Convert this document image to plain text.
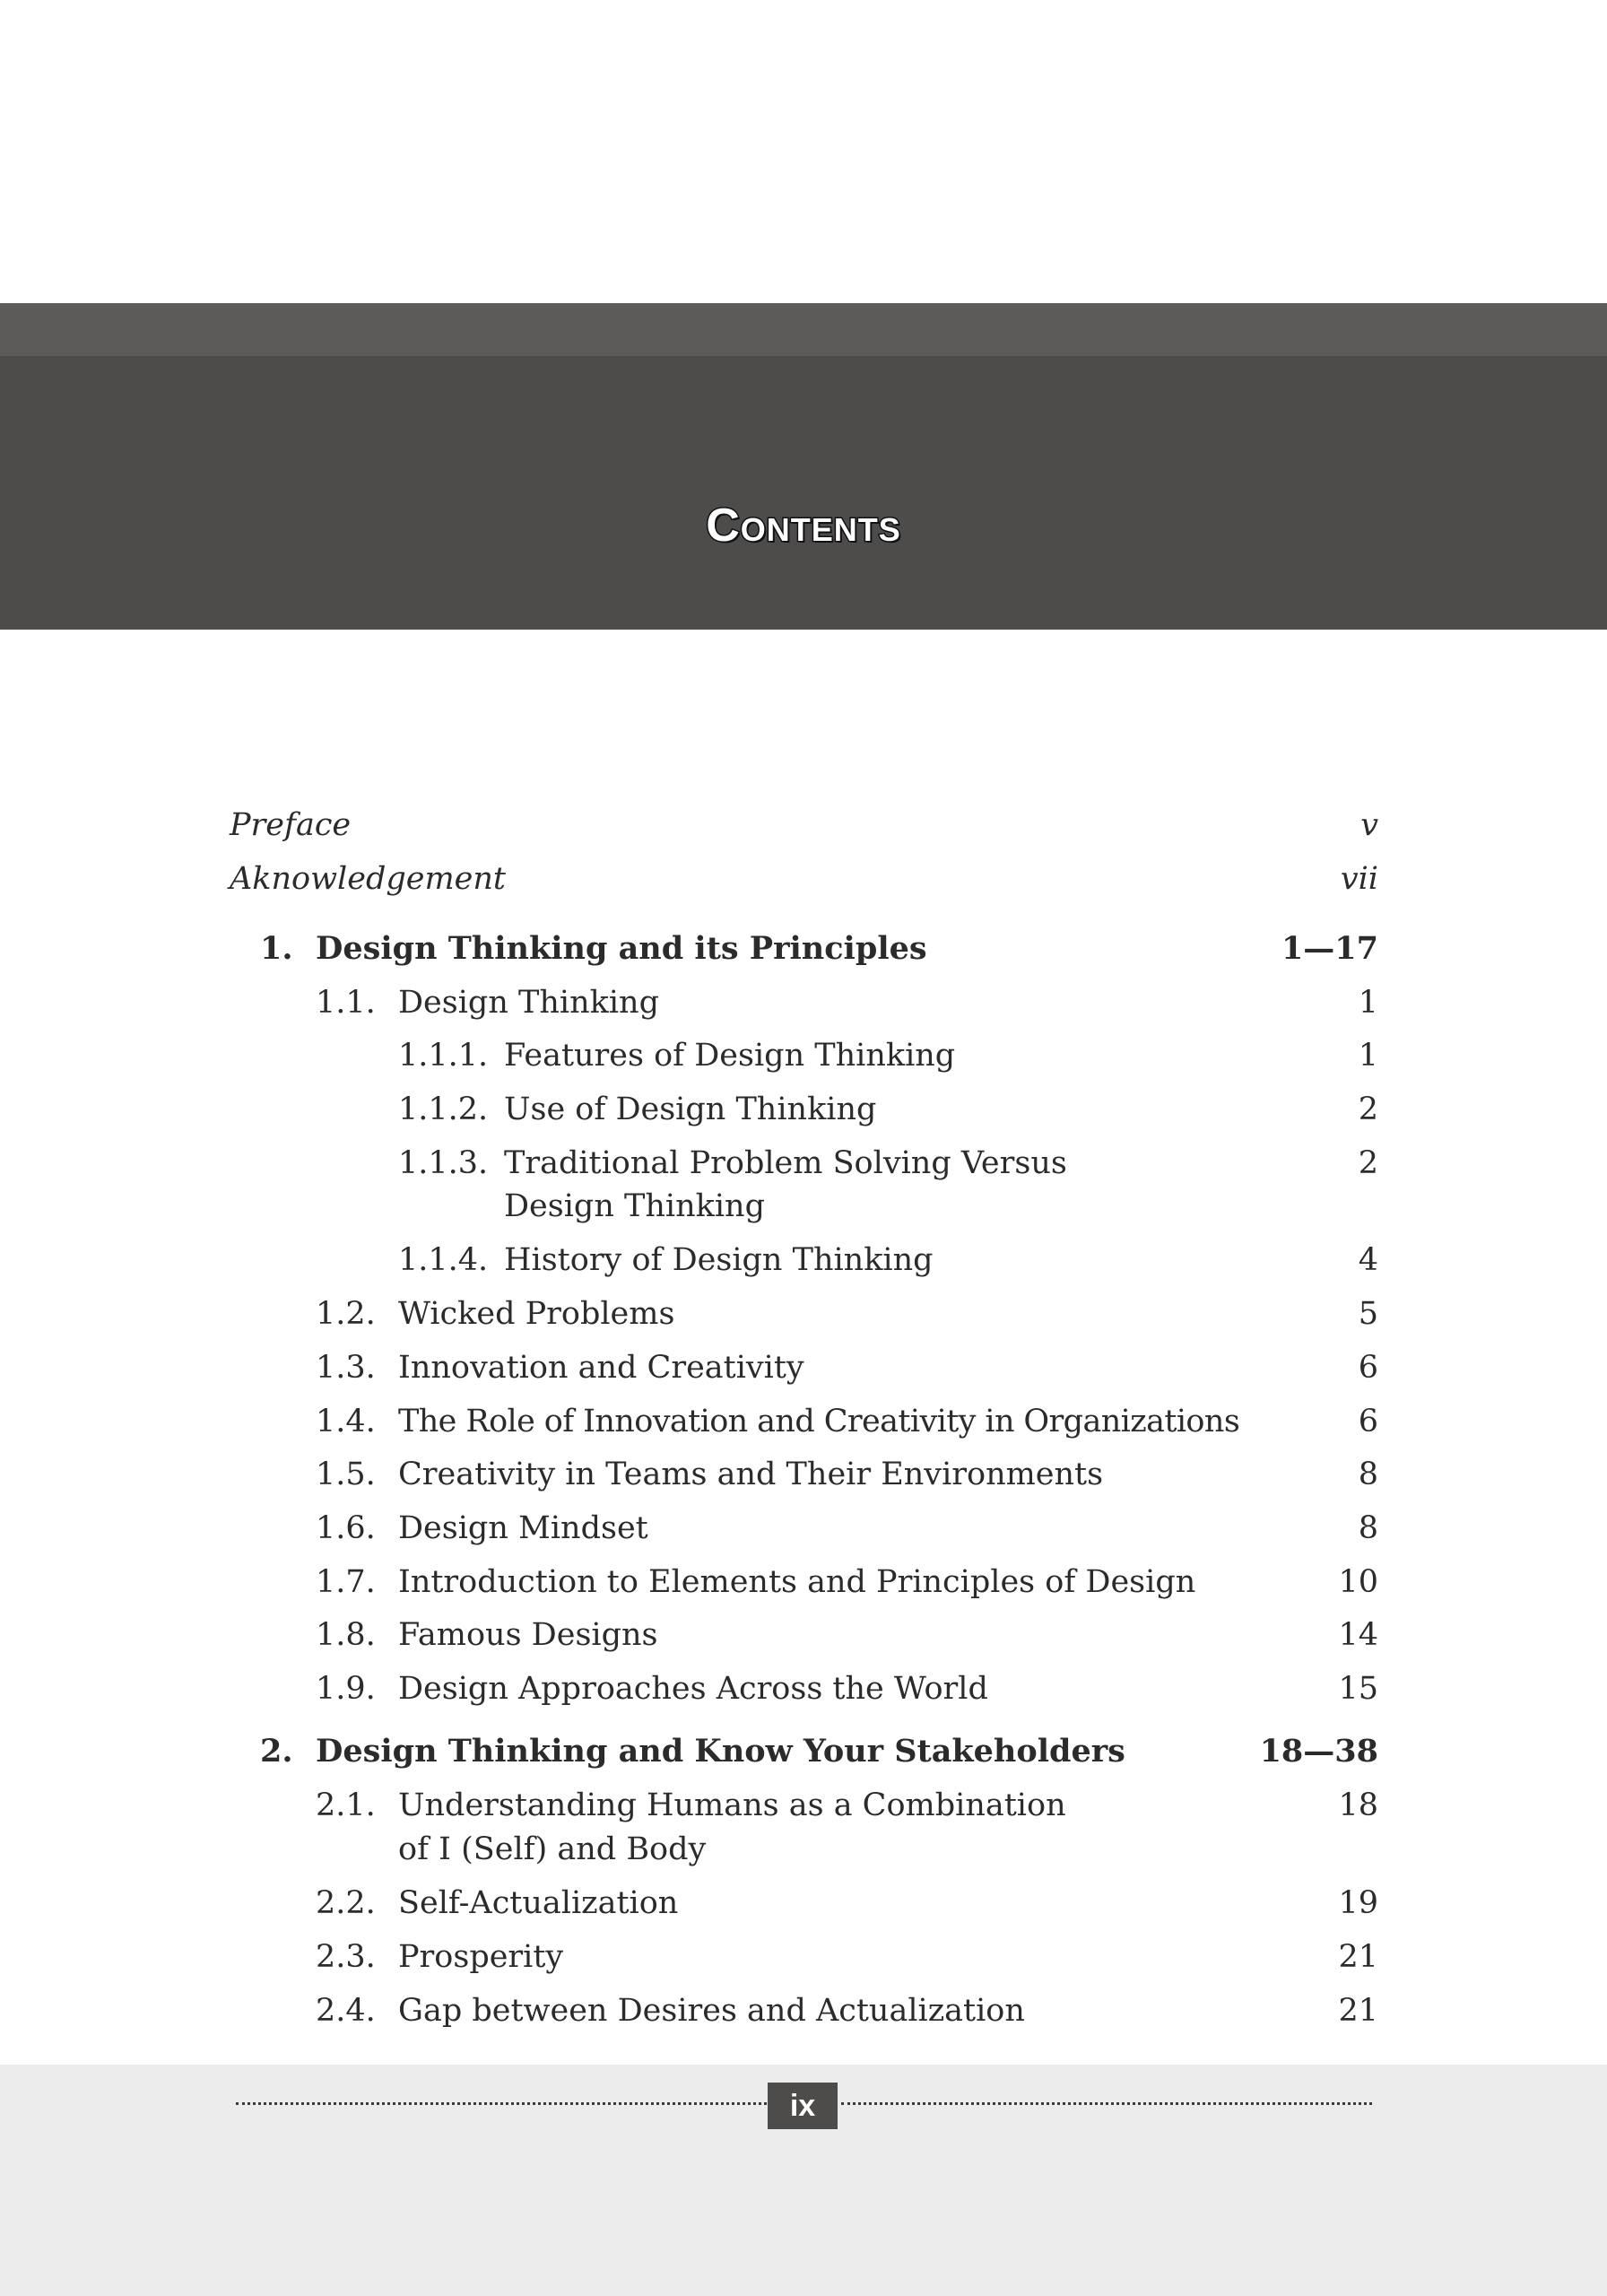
Contents
Preface	v
Aknowledgement	vii
1. Design Thinking and its Principles	1—17
1.1. Design Thinking	1
1.1.1. Features of Design Thinking	1
1.1.2. Use of Design Thinking	2
1.1.3. Traditional Problem Solving Versus	2
Design Thinking
1.1.4. History of Design Thinking	4
1.2. Wicked Problems	5
1.3. Innovation and Creativity	6
1.4. The Role of Innovation and Creativity in Organizations	6
1.5. Creativity in Teams and Their Environments	8
1.6. Design Mindset	8
1.7. Introduction to Elements and Principles of Design	10
1.8. Famous Designs	14
1.9. Design Approaches Across the World	15
2. Design Thinking and Know Your Stakeholders	18—38
2.1. Understanding Humans as a Combination	18
of I (Self) and Body
2.2. Self-Actualization	19
2.3. Prosperity	21
2.4. Gap between Desires and Actualization	21
ix
